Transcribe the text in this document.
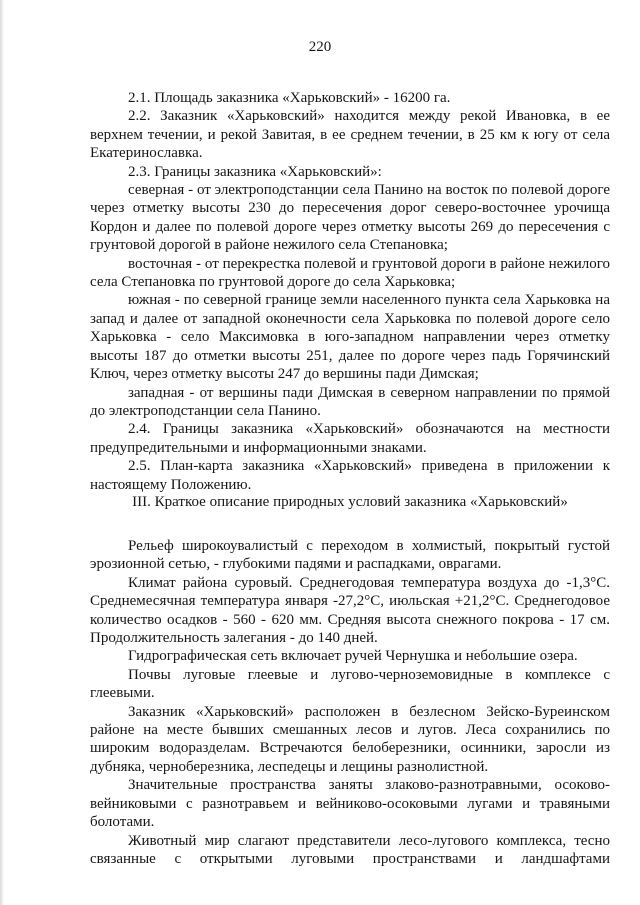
220

2.1. Площадь заказника «Харьковский» - 16200 га.

2.2. Заказник «Харьковский» находится между рекой Ивановка, в ее верхнем течении, и рекой Завитая, в ее среднем течении, в 25 км к югу от села Екатеринославка.

2.3. Границы заказника «Харьковский»:

северная - от электроподстанции села Панино на восток по полевой дороге через отметку высоты 230 до пересечения дорог северо-восточнее урочища Кордон и далее по полевой дороге через отметку высоты 269 до пересечения с грунтовой дорогой в районе нежилого села Степановка;

восточная - от перекрестка полевой и грунтовой дороги в районе нежилого села Степановка по грунтовой дороге до села Харьковка;

южная - по северной границе земли населенного пункта села Харьковка на запад и далее от западной оконечности села Харьковка по полевой дороге село Харьковка - село Максимовка в юго-западном направлении через отметку высоты 187 до отметки высоты 251, далее по дороге через падь Горячинский Ключ, через отметку высоты 247 до вершины пади Димская;

западная - от вершины пади Димская в северном направлении по прямой до электроподстанции села Панино.

2.4. Границы заказника «Харьковский» обозначаются на местности предупредительными и информационными знаками.

2.5. План-карта заказника «Харьковский» приведена в приложении к настоящему Положению.

III. Краткое описание природных условий заказника «Харьковский»

Рельеф широкоувалистый с переходом в холмистый, покрытый густой эрозионной сетью, - глубокими падями и распадками, оврагами.

Климат района суровый. Среднегодовая температура воздуха до -1,3°С. Среднемесячная температура января -27,2°С, июльская +21,2°С. Среднегодовое количество осадков - 560 - 620 мм. Средняя высота снежного покрова - 17 см. Продолжительность залегания - до 140 дней.

Гидрографическая сеть включает ручей Чернушка и небольшие озера.

Почвы луговые глеевые и лугово-черноземовидные в комплексе с глеевыми.

Заказник «Харьковский» расположен в безлесном Зейско-Буреинском районе на месте бывших смешанных лесов и лугов. Леса сохранились по широким водоразделам. Встречаются белоберезники, осинники, заросли из дубняка, черноберезника, леспедецы и лещины разнолистной.

Значительные пространства заняты злаково-разнотравными, осоково-вейниковыми с разнотравьем и вейниково-осоковыми лугами и травяными болотами.

Животный мир слагают представители лесо-лугового комплекса, тесно связанные с открытыми луговыми пространствами и ландшафтами
